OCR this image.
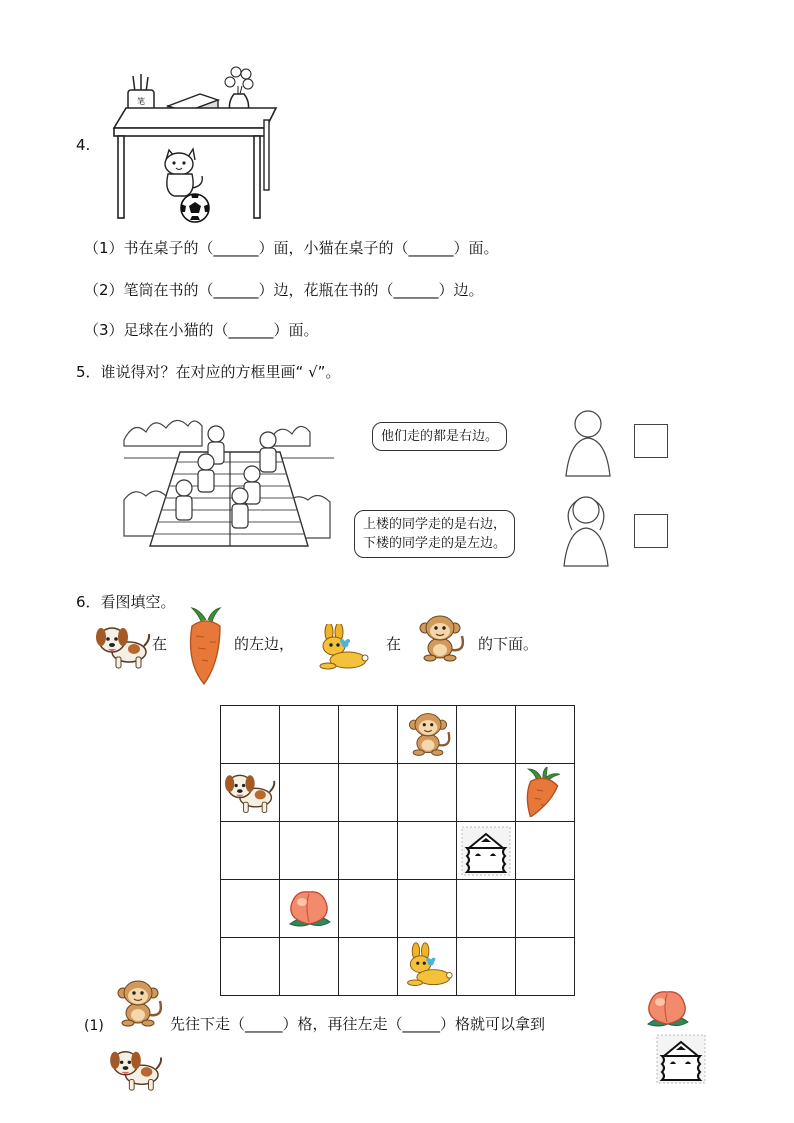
4.
笔
（1）书在桌子的（______）面，小猫在桌子的（______）面。
（2）笔筒在书的（______）边，花瓶在书的（______）边。
（3）足球在小猫的（______）面。
5．谁说得对？在对应的方框里画“ √”。
他们走的都是右边。
上楼的同学走的是右边，
下楼的同学走的是左边。
6．看图填空。
在	的左边，	在	的下面。
(1)	先往下走（_____）格，再往左走（_____）格就可以拿到
